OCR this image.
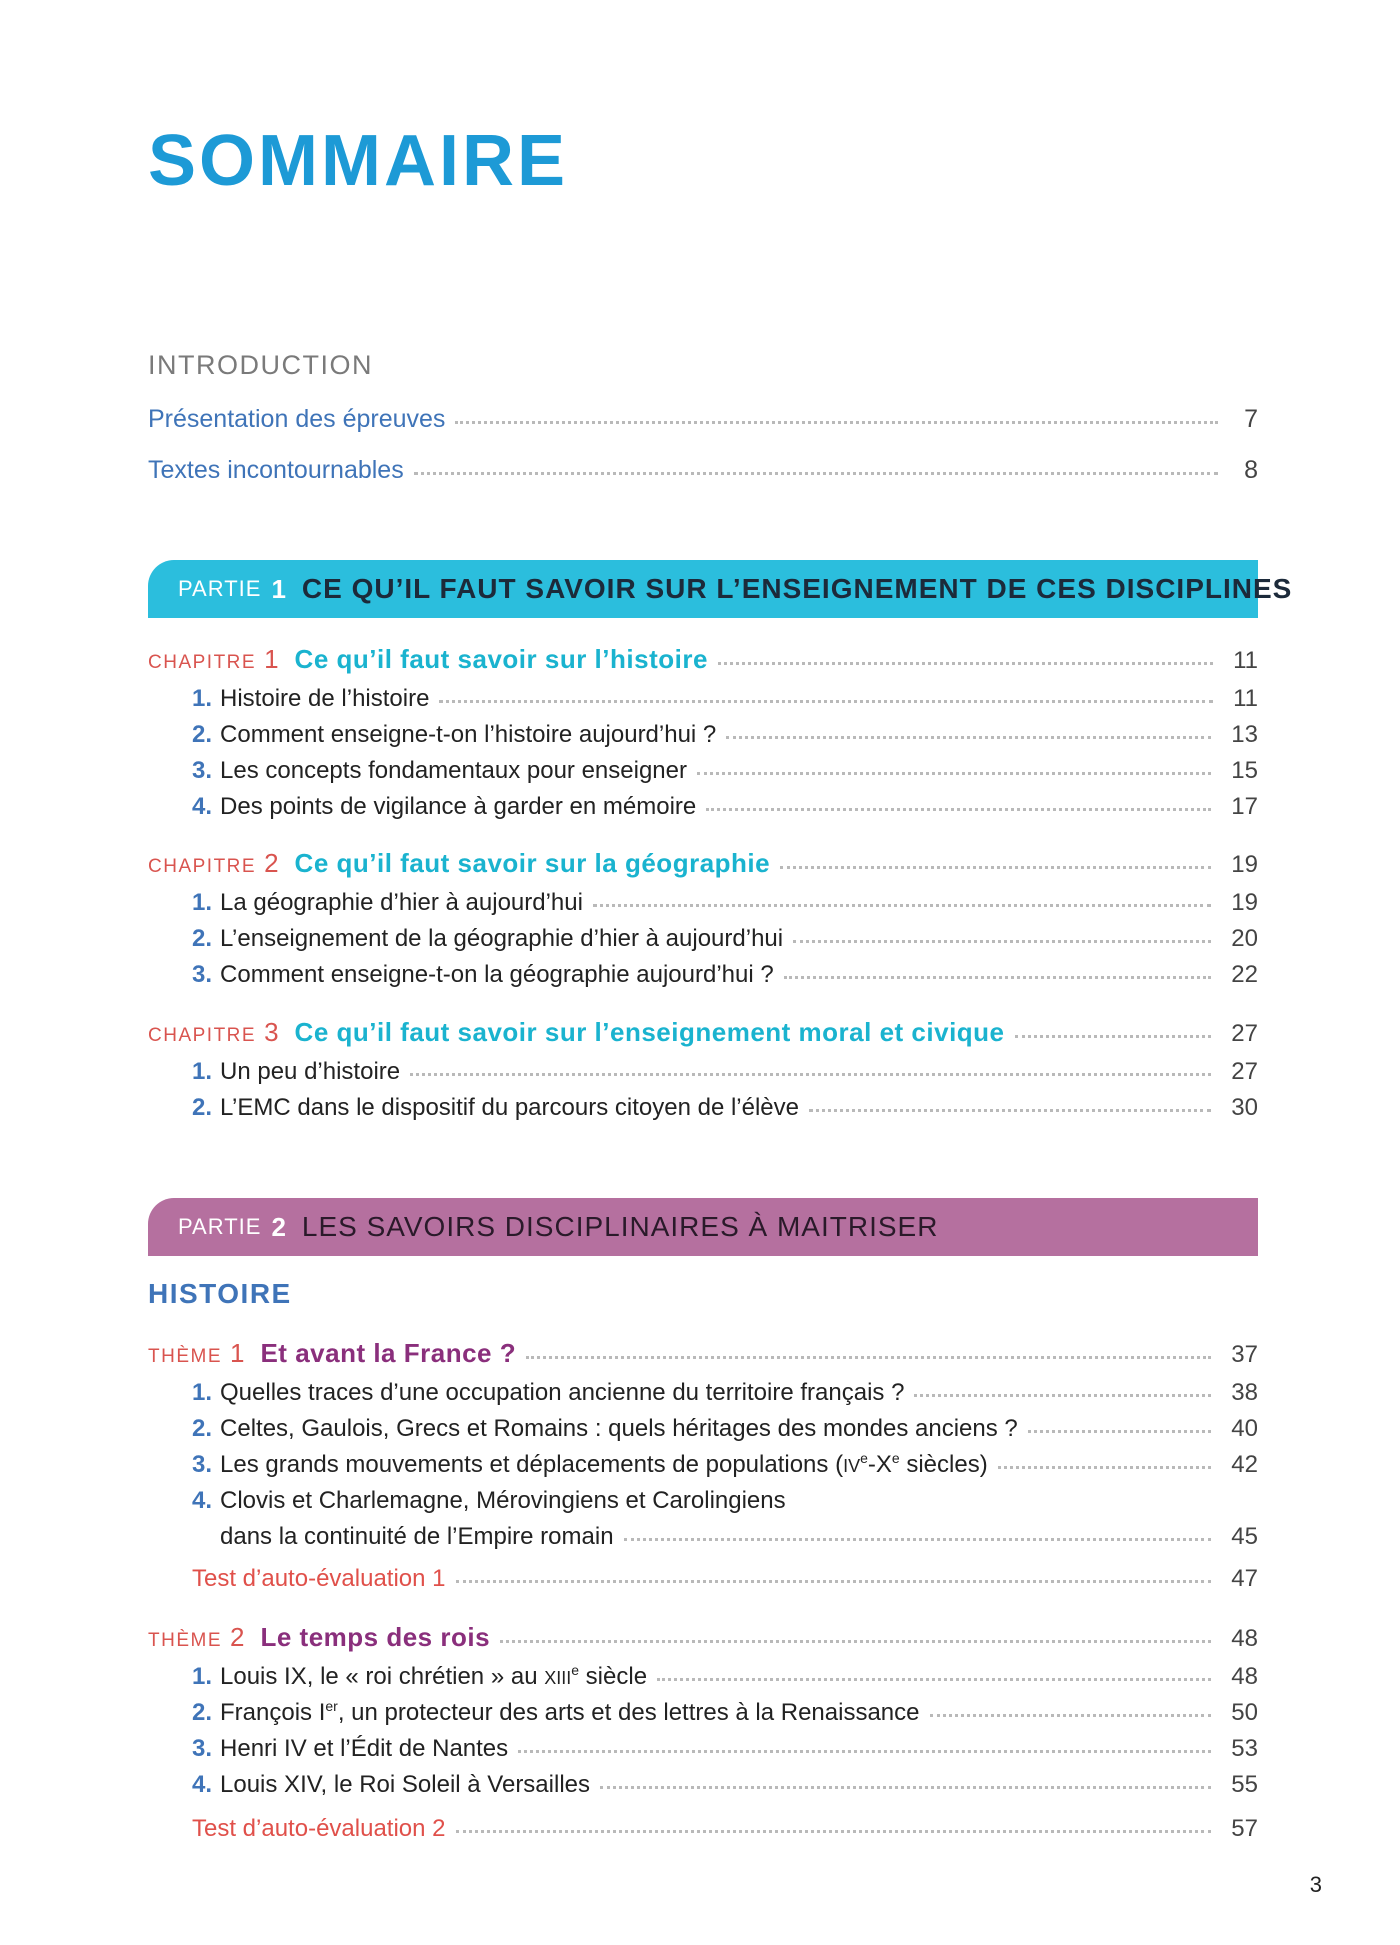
SOMMAIRE
INTRODUCTION
Présentation des épreuves	7
Textes incontournables	8
PARTIE 1 CE QU’IL FAUT SAVOIR SUR L’ENSEIGNEMENT DE CES DISCIPLINES
CHAPITRE 1 Ce qu’il faut savoir sur l’histoire	11
1. Histoire de l’histoire	11
2. Comment enseigne-t-on l’histoire aujourd’hui ?	13
3. Les concepts fondamentaux pour enseigner	15
4. Des points de vigilance à garder en mémoire	17
CHAPITRE 2 Ce qu’il faut savoir sur la géographie	19
1. La géographie d’hier à aujourd’hui	19
2. L’enseignement de la géographie d’hier à aujourd’hui	20
3. Comment enseigne-t-on la géographie aujourd’hui ?	22
CHAPITRE 3 Ce qu’il faut savoir sur l’enseignement moral et civique	27
1. Un peu d’histoire	27
2. L’EMC dans le dispositif du parcours citoyen de l’élève	30
PARTIE 2 LES SAVOIRS DISCIPLINAIRES À MAITRISER
HISTOIRE
THÈME 1 Et avant la France ?	37
1. Quelles traces d’une occupation ancienne du territoire français ?	38
2. Celtes, Gaulois, Grecs et Romains : quels héritages des mondes anciens ?	40
3. Les grands mouvements et déplacements de populations (IVe-Xe siècles)	42
4. Clovis et Charlemagne, Mérovingiens et Carolingiens
dans la continuité de l’Empire romain	45
Test d’auto-évaluation 1	47
THÈME 2 Le temps des rois	48
1. Louis IX, le « roi chrétien » au XIIIe siècle	48
2. François Ier, un protecteur des arts et des lettres à la Renaissance	50
3. Henri IV et l’Édit de Nantes	53
4. Louis XIV, le Roi Soleil à Versailles	55
Test d’auto-évaluation 2	57
3
